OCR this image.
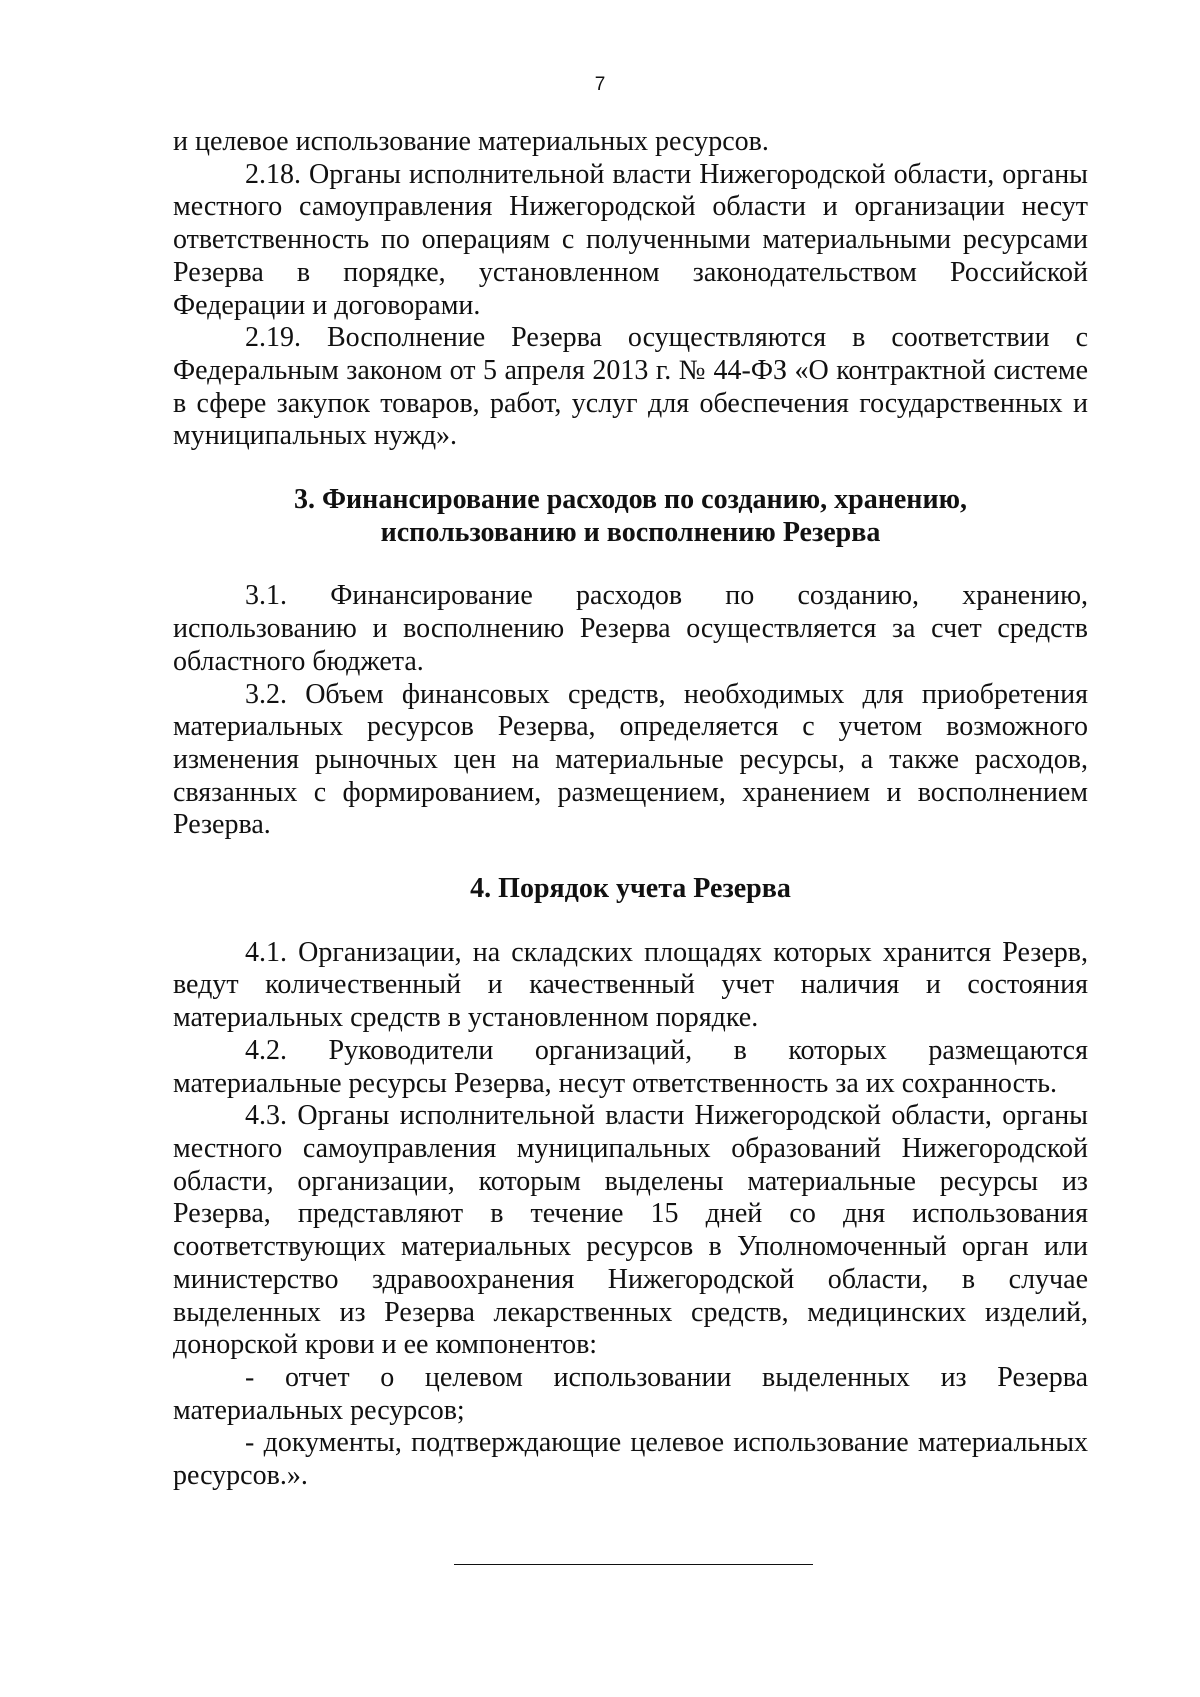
7

и целевое использование материальных ресурсов.

2.18. Органы исполнительной власти Нижегородской области, органы местного самоуправления Нижегородской области и организации несут ответственность по операциям с полученными материальными ресурсами Резерва в порядке, установленном законодательством Российской Федерации и договорами.

2.19. Восполнение Резерва осуществляются в соответствии с Федеральным законом от 5 апреля 2013 г. № 44-ФЗ «О контрактной системе в сфере закупок товаров, работ, услуг для обеспечения государственных и муниципальных нужд».

3. Финансирование расходов по созданию, хранению,

использованию и восполнению Резерва

3.1. Финансирование расходов по созданию, хранению, использованию и восполнению Резерва осуществляется за счет средств областного бюджета.

3.2. Объем финансовых средств, необходимых для приобретения материальных ресурсов Резерва, определяется с учетом возможного изменения рыночных цен на материальные ресурсы, а также расходов, связанных с формированием, размещением, хранением и восполнением Резерва.

4. Порядок учета Резерва

4.1. Организации, на складских площадях которых хранится Резерв, ведут количественный и качественный учет наличия и состояния материальных средств в установленном порядке.

4.2. Руководители организаций, в которых размещаются материальные ресурсы Резерва, несут ответственность за их сохранность.

4.3. Органы исполнительной власти Нижегородской области, органы местного самоуправления муниципальных образований Нижегородской области, организации, которым выделены материальные ресурсы из Резерва, представляют в течение 15 дней со дня использования соответствующих материальных ресурсов в Уполномоченный орган или министерство здравоохранения Нижегородской области, в случае выделенных из Резерва лекарственных средств, медицинских изделий, донорской крови и ее компонентов:

- отчет о целевом использовании выделенных из Резерва материальных ресурсов;

- документы, подтверждающие целевое использование материальных ресурсов.».
